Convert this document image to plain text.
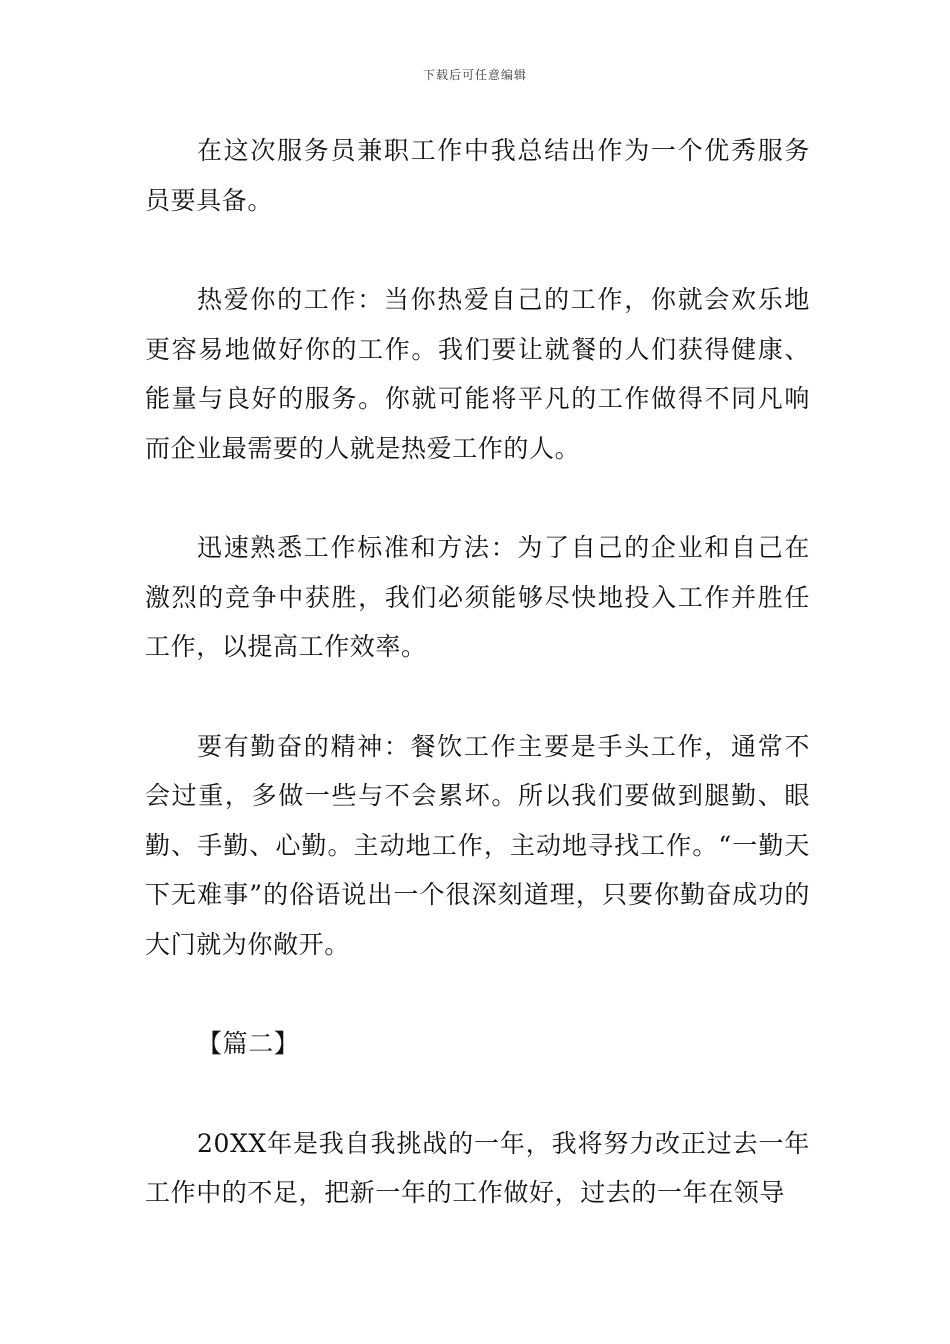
下载后可任意编辑

在这次服务员兼职工作中我总结出作为一个优秀服务员要具备。

热爱你的工作：当你热爱自己的工作，你就会欢乐地更容易地做好你的工作。我们要让就餐的人们获得健康、能量与良好的服务。你就可能将平凡的工作做得不同凡响而企业最需要的人就是热爱工作的人。

迅速熟悉工作标准和方法：为了自己的企业和自己在激烈的竞争中获胜，我们必须能够尽快地投入工作并胜任工作，以提高工作效率。

要有勤奋的精神：餐饮工作主要是手头工作，通常不会过重，多做一些与不会累坏。所以我们要做到腿勤、眼勤、手勤、心勤。主动地工作，主动地寻找工作。“一勤天下无难事”的俗语说出一个很深刻道理，只要你勤奋成功的大门就为你敞开。

【篇二】

20XX年是我自我挑战的一年，我将努力改正过去一年工作中的不足，把新一年的工作做好，过去的一年在领导
